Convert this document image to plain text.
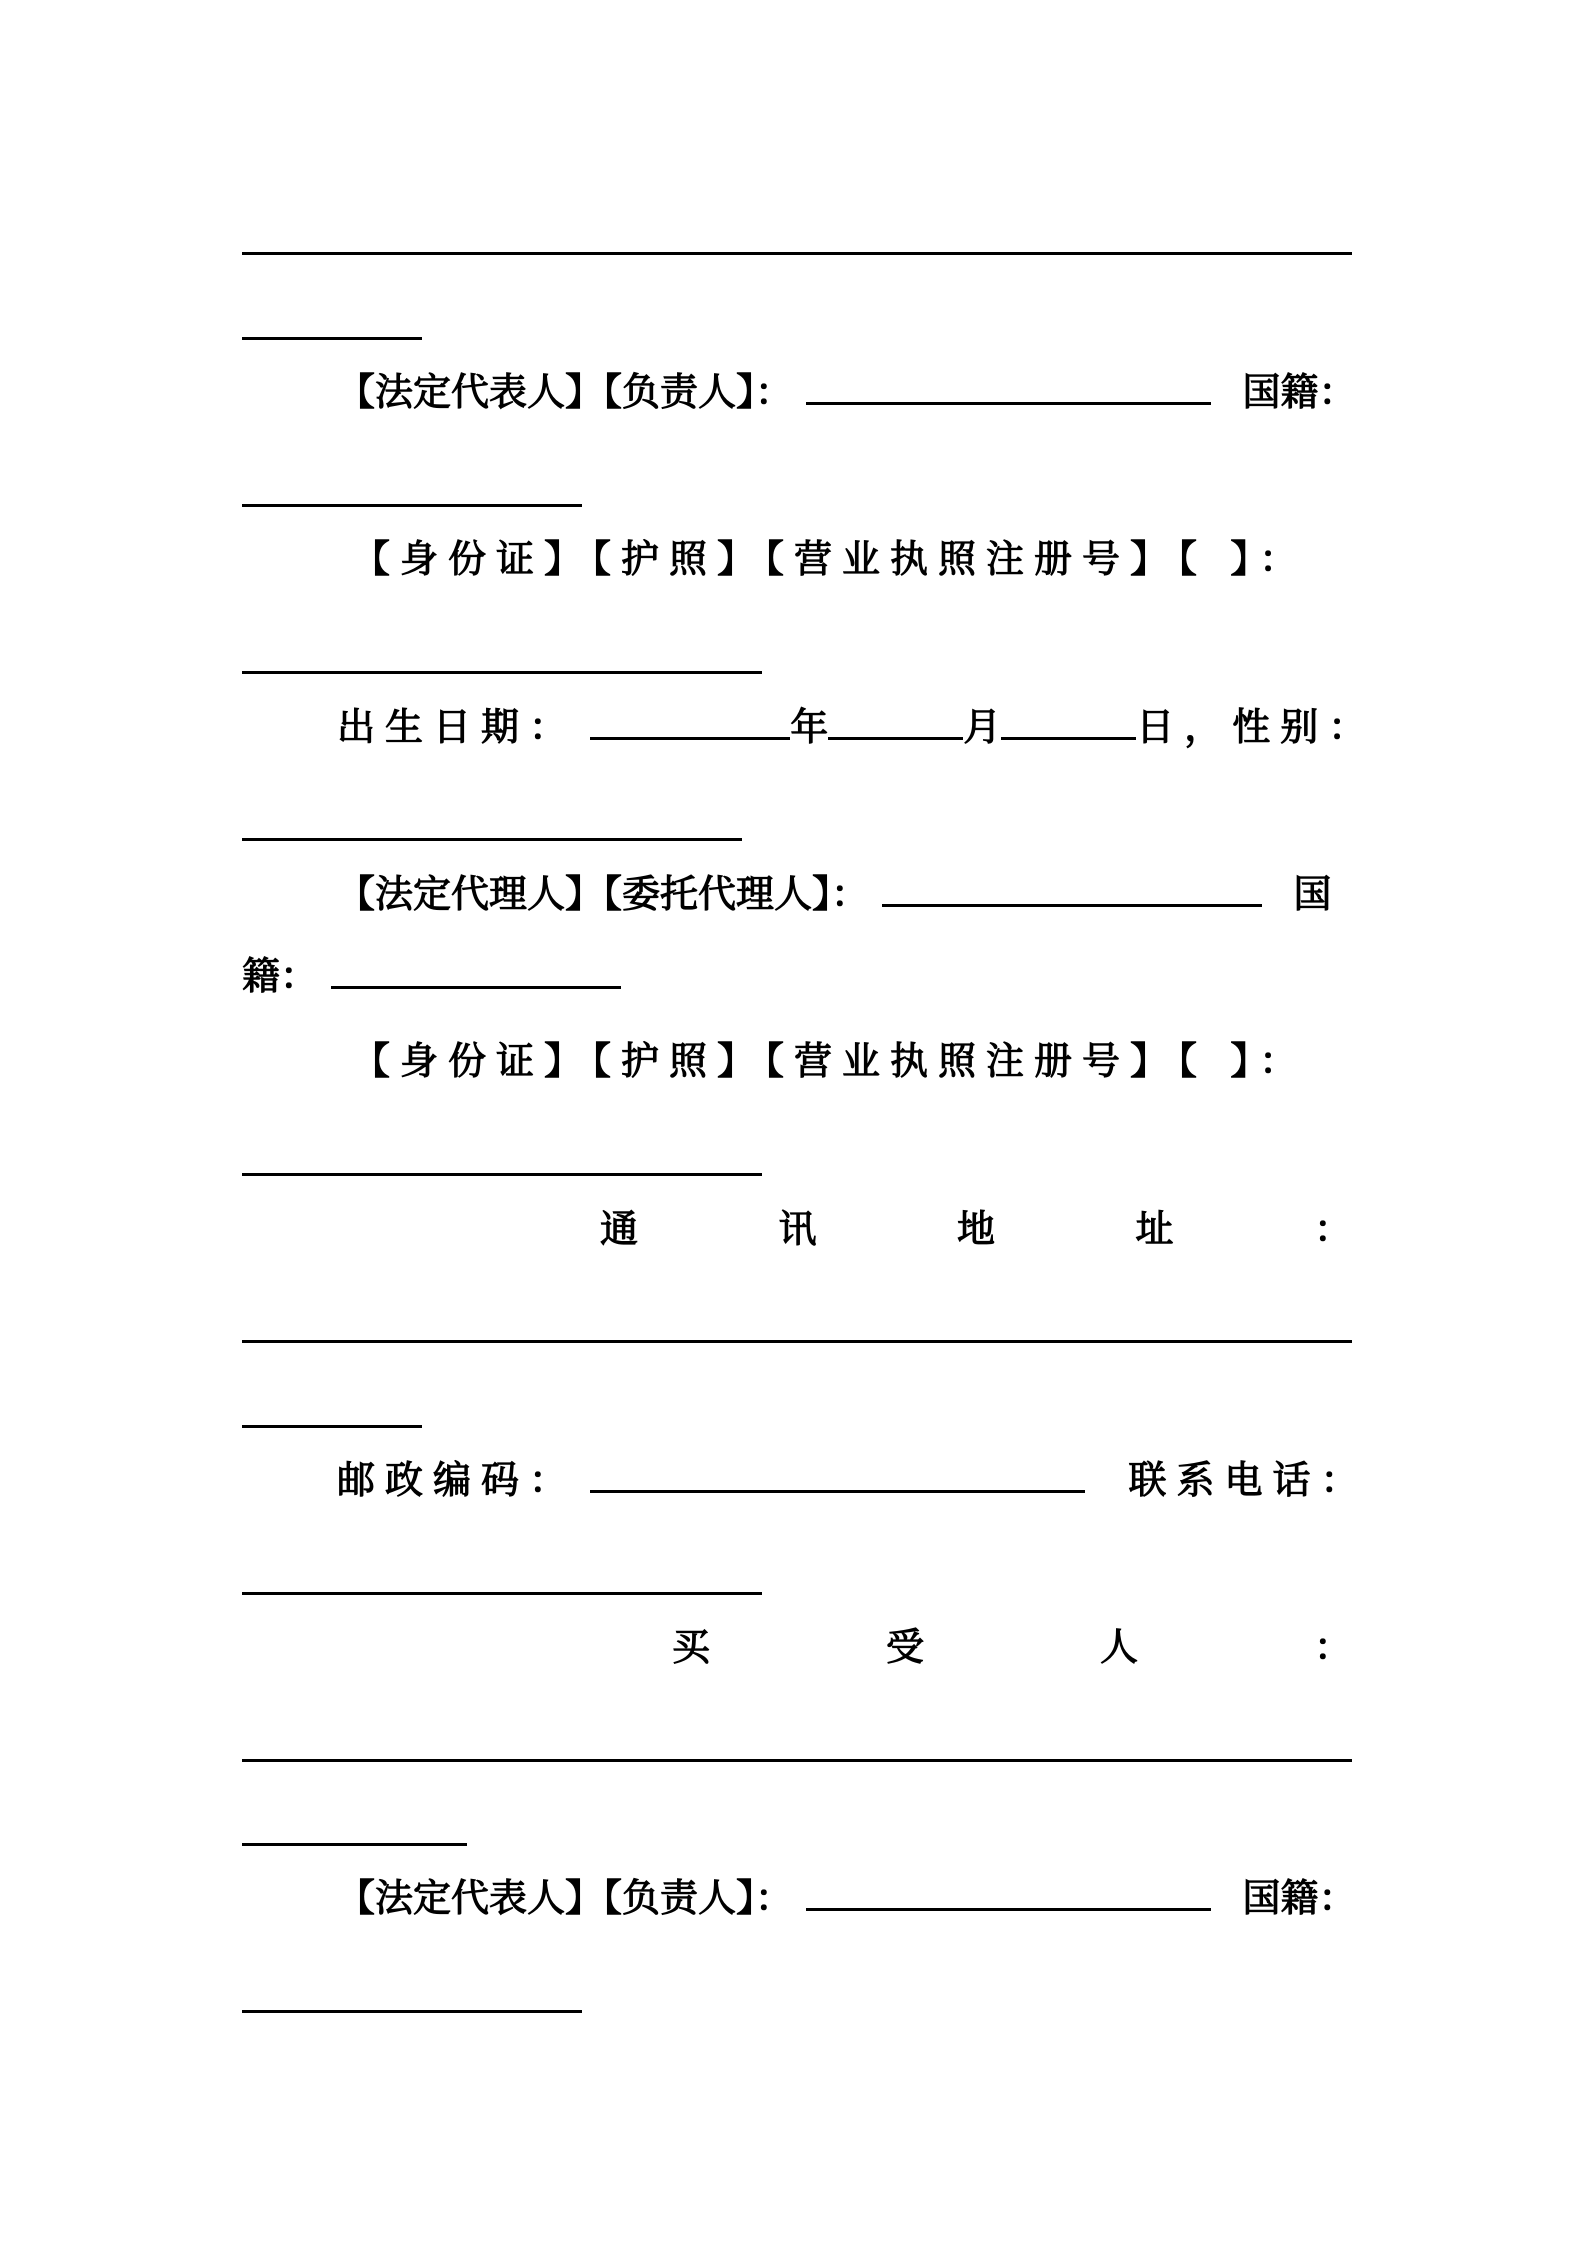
【法定代表人】【负责人】：	国籍：
【身份证】【护照】【营业执照注册号】【 】：
出生日期：	年	月	日，性别：
【法定代理人】【委托代理人】：	国
籍：
【身份证】【护照】【营业执照注册号】【 】：
通	讯	地	址	：
邮政编码：	联系电话：
买	受	人	：
【法定代表人】【负责人】：	国籍：
